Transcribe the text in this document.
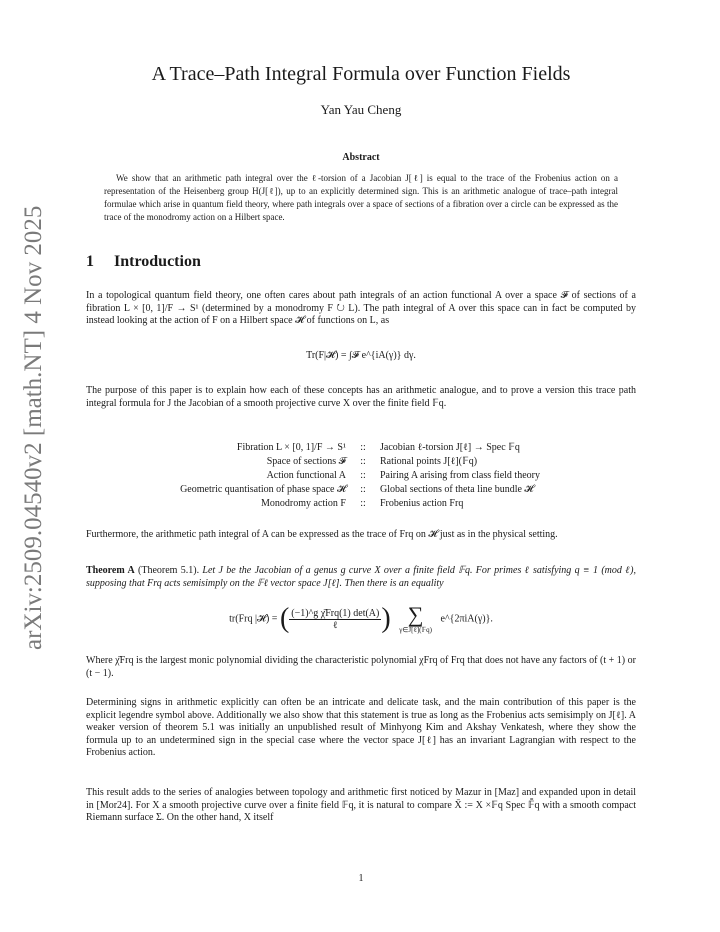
arXiv:2509.04540v2 [math.NT] 4 Nov 2025
A Trace–Path Integral Formula over Function Fields
Yan Yau Cheng
Abstract
We show that an arithmetic path integral over the ℓ-torsion of a Jacobian J[ℓ] is equal to the trace of the Frobenius action on a representation of the Heisenberg group H(J[ℓ]), up to an explicitly determined sign. This is an arithmetic analogue of trace–path integral formulae which arise in quantum field theory, where path integrals over a space of sections of a fibration over a circle can be expressed as the trace of the monodromy action on a Hilbert space.
1 Introduction
In a topological quantum field theory, one often cares about path integrals of an action functional A over a space 𝓕 of sections of a fibration L × [0, 1]/F → S¹ (determined by a monodromy F ↻ L). The path integral of A over this space can in fact be computed by instead looking at the action of F on a Hilbert space 𝓗 of functions on L, as
Tr(F|𝓗) = ∫𝓕 e^{iA(γ)} dγ.
The purpose of this paper is to explain how each of these concepts has an arithmetic analogue, and to prove a version this trace path integral formula for J the Jacobian of a smooth projective curve X over the finite field 𝔽q.
Fibration L × [0, 1]/F → S¹	::	Jacobian ℓ-torsion J[ℓ] → Spec 𝔽q
Space of sections 𝓕	::	Rational points J[ℓ](𝔽q)
Action functional A	::	Pairing A arising from class field theory
Geometric quantisation of phase space 𝓗	::	Global sections of theta line bundle 𝓗
Monodromy action F	::	Frobenius action Frq
Furthermore, the arithmetic path integral of A can be expressed as the trace of Frq on 𝓗 just as in the physical setting.
Theorem A (Theorem 5.1). Let J be the Jacobian of a genus g curve X over a finite field 𝔽q. For primes ℓ satisfying q ≡ 1 (mod ℓ), supposing that Frq acts semisimply on the 𝔽ℓ vector space J[ℓ]. Then there is an equality
tr(Frq |𝓗) = ( $\frac{\text{(−1)\textasciicircum{}g χ̄Frq(1) det(A)}}{\text{ℓ}}$ ) ∑
γ∈J[ℓ](𝔽q)
e^{2πiA(γ)}.
Where χ̄Frq is the largest monic polynomial dividing the characteristic polynomial χFrq of Frq that does not have any factors of (t + 1) or (t − 1).
Determining signs in arithmetic explicitly can often be an intricate and delicate task, and the main contribution of this paper is the explicit legendre symbol above. Additionally we also show that this statement is true as long as the Frobenius acts semisimply on J[ℓ]. A weaker version of theorem 5.1 was initially an unpublished result of Minhyong Kim and Akshay Venkatesh, where they show the formula up to an undetermined sign in the special case where the vector space J[ℓ] has an invariant Lagrangian with respect to the Frobenius action.
This result adds to the series of analogies between topology and arithmetic first noticed by Mazur in [Maz] and expanded upon in detail in [Mor24]. For X a smooth projective curve over a finite field 𝔽q, it is natural to compare X̄ := X ×𝔽q Spec 𝔽̄q with a smooth compact Riemann surface Σ. On the other hand, X itself
1
